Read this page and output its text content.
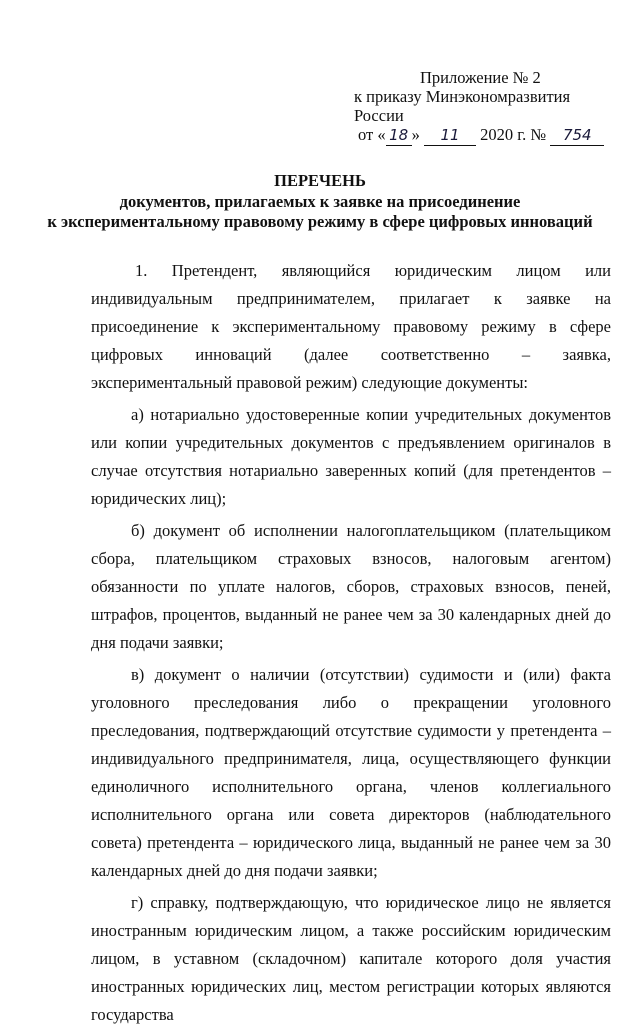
Приложение № 2
к приказу Минэкономразвития России
от « 18 » 11 2020 г. № 754
ПЕРЕЧЕНЬ
документов, прилагаемых к заявке на присоединение
к экспериментальному правовому режиму в сфере цифровых инноваций

1. Претендент, являющийся юридическим лицом или индивидуальным предпринимателем, прилагает к заявке на присоединение к экспериментальному правовому режиму в сфере цифровых инноваций (далее соответственно – заявка, экспериментальный правовой режим) следующие документы:

а) нотариально удостоверенные копии учредительных документов или копии учредительных документов с предъявлением оригиналов в случае отсутствия нотариально заверенных копий (для претендентов – юридических лиц);

б) документ об исполнении налогоплательщиком (плательщиком сбора, плательщиком страховых взносов, налоговым агентом) обязанности по уплате налогов, сборов, страховых взносов, пеней, штрафов, процентов, выданный не ранее чем за 30 календарных дней до дня подачи заявки;

в) документ о наличии (отсутствии) судимости и (или) факта уголовного преследования либо о прекращении уголовного преследования, подтверждающий отсутствие судимости у претендента – индивидуального предпринимателя, лица, осуществляющего функции единоличного исполнительного органа, членов коллегиального исполнительного органа или совета директоров (наблюдательного совета) претендента – юридического лица, выданный не ранее чем за 30 календарных дней до дня подачи заявки;

г) справку, подтверждающую, что юридическое лицо не является иностранным юридическим лицом, а также российским юридическим лицом, в уставном (складочном) капитале которого доля участия иностранных юридических лиц, местом регистрации которых являются государства
